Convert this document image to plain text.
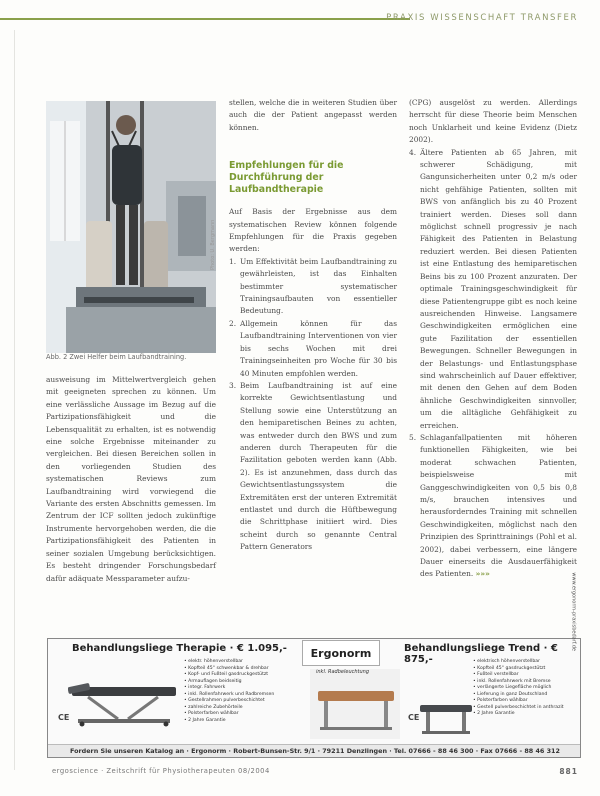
PRAXIS WISSENSCHAFT TRANSFER
Photo: U. Bergmann
Abb. 2 Zwei Helfer beim Laufbandtraining.

ausweisung im Mittelwertvergleich gehen mit geeigneten sprechen zu können. Um eine verlässliche Aussage im Bezug auf die Partizipationsfähigkeit und die Lebensqualität zu erhalten, ist es notwendig eine solche Ergebnisse miteinander zu vergleichen. Bei diesen Bereichen sollen in den vorliegenden Studien des systematischen Reviews zum Laufbandtraining wird vorwiegend die Variante des ersten Abschnitts gemessen. Im Zentrum der ICF sollten jedoch zukünftige Instrumente hervorgehoben werden, die die Partizipationsfähigkeit des Patienten in seiner sozialen Umgebung berücksichtigen. Es besteht dringender Forschungsbedarf dafür adäquate Messparameter aufzu-

stellen, welche die in weiteren Studien über auch die der Patient angepasst werden können.

Empfehlungen für die Durchführung der Laufbandtherapie

Auf Basis der Ergebnisse aus dem systematischen Review können folgende Empfehlungen für die Praxis gegeben werden:

1. Um Effektivität beim Laufbandtraining zu gewährleisten, ist das Einhalten bestimmter systematischer Trainingsaufbauten von essentieller Bedeutung.
2. Allgemein können für das Laufbandtraining Interventionen von vier bis sechs Wochen mit drei Trainingseinheiten pro Woche für 30 bis 40 Minuten empfohlen werden.
3. Beim Laufbandtraining ist auf eine korrekte Gewichtsentlastung und Stellung sowie eine Unterstützung an den hemiparetischen Beines zu achten, was entweder durch den BWS und zum anderen durch Therapeuten für die Fazilitation geboten werden kann (Abb. 2). Es ist anzunehmen, dass durch das Gewichtsentlastungssystem die Extremitäten erst der unteren Extremität entlastet und durch die Hüftbewegung die Schrittphase initiiert wird. Dies scheint durch so genannte Central Pattern Generators

(CPG) ausgelöst zu werden. Allerdings herrscht für diese Theorie beim Menschen noch Unklarheit und keine Evidenz (Dietz 2002).

4. Ältere Patienten ab 65 Jahren, mit schwerer Schädigung, mit Gangunsicherheiten unter 0,2 m/s oder nicht gehfähige Patienten, sollten mit BWS von anfänglich bis zu 40 Prozent trainiert werden. Dieses soll dann möglichst schnell progressiv je nach Fähigkeit des Patienten in Belastung reduziert werden. Bei diesen Patienten ist eine Entlastung des hemiparetischen Beins bis zu 100 Prozent anzuraten. Der optimale Trainingsgeschwindigkeit für diese Patientengruppe gibt es noch keine ausreichenden Hinweise. Langsamere Geschwindigkeiten ermöglichen eine gute Fazilitation der essentiellen Bewegungen. Schneller Bewegungen in der Belastungs- und Entlastungsphase sind wahrscheinlich auf Dauer effektiver, mit denen den Gehen auf dem Boden ähnliche Geschwindigkeiten sinnvoller, um die alltägliche Gehfähigkeit zu erreichen.
5. Schlaganfallpatienten mit höheren funktionellen Fähigkeiten, wie bei moderat schwachen Patienten, beispielsweise mit Ganggeschwindigkeiten von 0,5 bis 0,8 m/s, brauchen intensives und herausforderndes Training mit schnellen Geschwindigkeiten, möglichst nach den Prinzipien des Sprinttrainings (Pohl et al. 2002), dabei verbessern, eine längere Dauer einerseits die Ausdauerfähigkeit des Patienten. »»»
Behandlungsliege Therapie · € 1.095,-	Ergonorm	Behandlungsliege Trend · € 875,-
• elektr. höhenverstellbar
• Kopfteil 45° schwenkbar & drehbar
• Kopf- und Fußteil gasdruckgestützt
• Armauflagen beidseitig
• integr. Fahrwerk
• inkl. Rollenfahrwerk und Radbremsen
• Gestellrahmen pulverbeschichtet
• zahlreiche Zubehörteile
• Polsterfarben wählbar
• 2 Jahre Garantie
• elektrisch höhenverstellbar
• Kopfteil 45° gasdruckgestützt
• Fußteil verstellbar
• inkl. Rollenfahrwerk mit Bremse
• verlängerte Liegefläche möglich
• Lieferung in ganz Deutschland
• Polsterfarben wählbar
• Gestell pulverbeschichtet in anthrazit
• 2 Jahre Garantie
CE
inkl. Radbeleuchtung
CE
www.ergonorm-praxisbedarf.de
Fordern Sie unseren Katalog an · Ergonorm · Robert-Bunsen-Str. 9/1 · 79211 Denzlingen · Tel. 07666 - 88 46 300 · Fax 07666 - 88 46 312
ergoscience · Zeitschrift für Physiotherapeuten 08/2004	881
